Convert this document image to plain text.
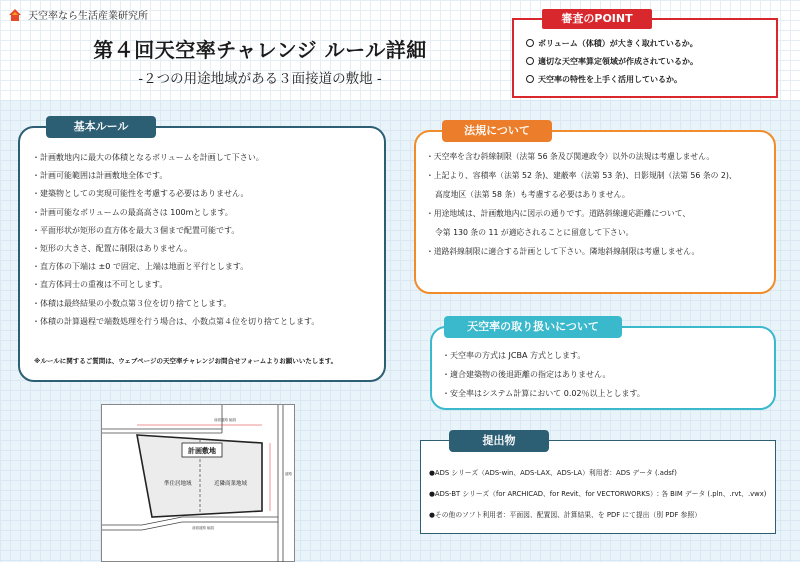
天空率なら生活産業研究所
第４回天空率チャレンジ ルール詳細
-２つの用途地域がある３面接道の敷地 -
審査のPOINT
ボリューム（体積）が大きく取れているか。
適切な天空率算定領域が作成されているか。
天空率の特性を上手く活用しているか。
基本ルール
・計画敷地内に最大の体積となるボリュームを計画して下さい。
・計画可能範囲は計画敷地全体です。
・建築物としての実現可能性を考慮する必要はありません。
・計画可能なボリュームの最高高さは 100mとします。
・平面形状が矩形の直方体を最大３個まで配置可能です。
・矩形の大きさ、配置に制限はありません。
・直方体の下端は ±0 で固定、上端は地面と平行とします。
・直方体同士の重複は不可とします。
・体積は最終結果の小数点第３位を切り捨てとします。
・体積の計算過程で端数処理を行う場合は、小数点第４位を切り捨てとします。
※ルールに関するご質問は、ウェブページの天空率チャレンジお問合せフォームよりお願いいたします。
法規について
・天空率を含む斜線制限（法第 56 条及び関連政令）以外の法規は考慮しません。
・上記より、容積率（法第 52 条)、建蔽率（法第 53 条)、日影規制（法第 56 条の 2)、
高度地区（法第 58 条）も考慮する必要はありません。
・用途地域は、計画敷地内に図示の通りです。道路斜線適応距離について、
令第 130 条の 11 が適応されることに留意して下さい。
・道路斜線制限に適合する計画として下さい。隣地斜線制限は考慮しません。
天空率の取り扱いについて
・天空率の方式は JCBA 方式とします。
・適合建築物の後退距離の指定はありません。
・安全率はシステム計算において 0.02％以上とします。
提出物
●ADS シリーズ（ADS-win、ADS-LAX、ADS-LA）利用者：ADS データ (.adsf)
●ADS-BT シリーズ（for ARCHICAD、for Revit、for VECTORWORKS）: 各 BIM データ (.pln、.rvt、.vwx)
●その他のソフト利用者：平面図、配置図、計算結果、を PDF にて提出（別 PDF 参照）
前面道路 幅員
道路
前面道路 幅員
計画敷地
準住居地域	近隣商業地域
